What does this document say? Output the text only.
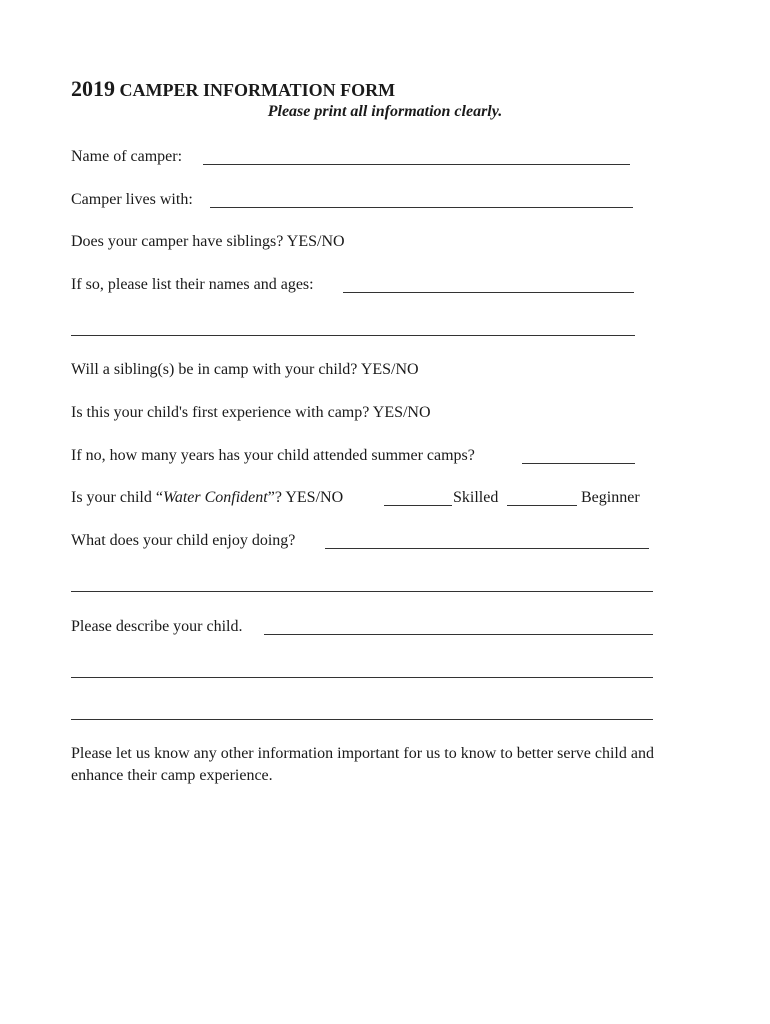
2019 CAMPER INFORMATION FORM
Please print all information clearly.
Name of camper:
Camper lives with:
Does your camper have siblings? YES/NO
If so, please list their names and ages:
Will a sibling(s) be in camp with your child? YES/NO
Is this your child's first experience with camp? YES/NO
If no, how many years has your child attended summer camps?
Is your child “Water Confident”? YES/NO	Skilled	Beginner
What does your child enjoy doing?
Please describe your child.
Please let us know any other information important for us to know to better serve child and enhance their camp experience.
